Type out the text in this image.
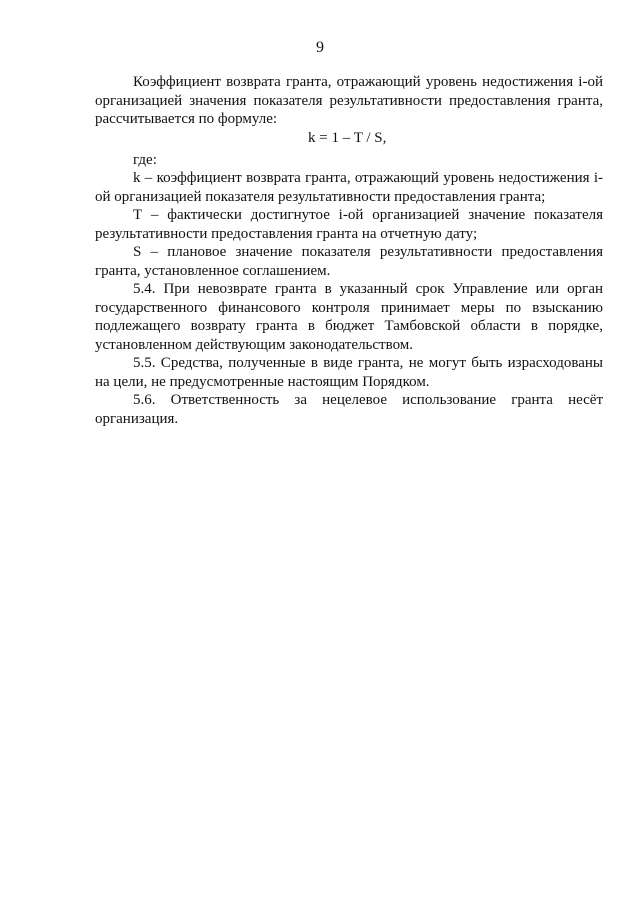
9

Коэффициент возврата гранта, отражающий уровень недостижения i-ой организацией значения показателя результативности предоставления гранта, рассчитывается по формуле:

k = 1 – T / S,

где:

k – коэффициент возврата гранта, отражающий уровень недостижения i-ой организацией показателя результативности предоставления гранта;

Т – фактически достигнутое i-ой организацией значение показателя результативности предоставления гранта на отчетную дату;

S – плановое значение показателя результативности предоставления гранта, установленное соглашением.

5.4. При невозврате гранта в указанный срок Управление или орган государственного финансового контроля принимает меры по взысканию подлежащего возврату гранта в бюджет Тамбовской области в порядке, установленном действующим законодательством.

5.5. Средства, полученные в виде гранта, не могут быть израсходованы на цели, не предусмотренные настоящим Порядком.

5.6. Ответственность за нецелевое использование гранта несёт организация.
